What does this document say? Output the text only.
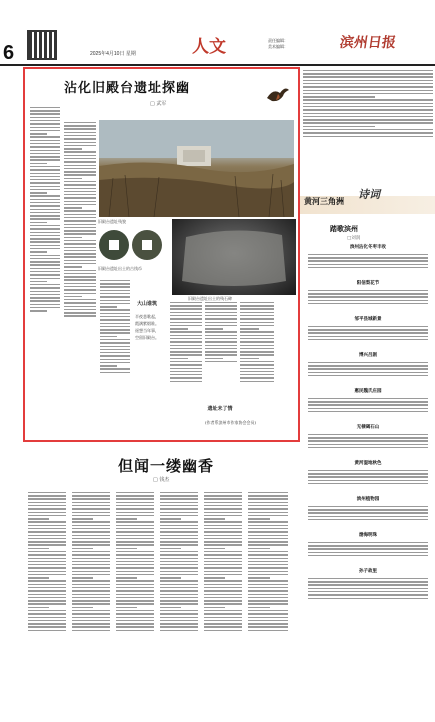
6	2025年4月10日 星期	人文	责任编辑：
美术编辑：	滨州日报
沾化旧殿台遗址探幽
□ 武军
旧殿台遗址残貌
旧殿台遗址出土的古钱币
旧殿台遗址出土的残石碑
大山谁筑
半夜悲歌起，
霞满紫烟谁。
遥想当年事，
空留旧殿台。
遗址未了情
(作者系滨州市作家协会会员)
黄河三角洲 诗词
踏歌滨州
□刘润
滨州沾化冬枣丰收
阳信梨花节
邹平县城新景
博兴吕剧
惠民魏氏庄园
无棣碣石山
黄河湿地秋色
滨州植物园
渤海明珠
孙子故里
但闻一缕幽香
□ 钱杰
